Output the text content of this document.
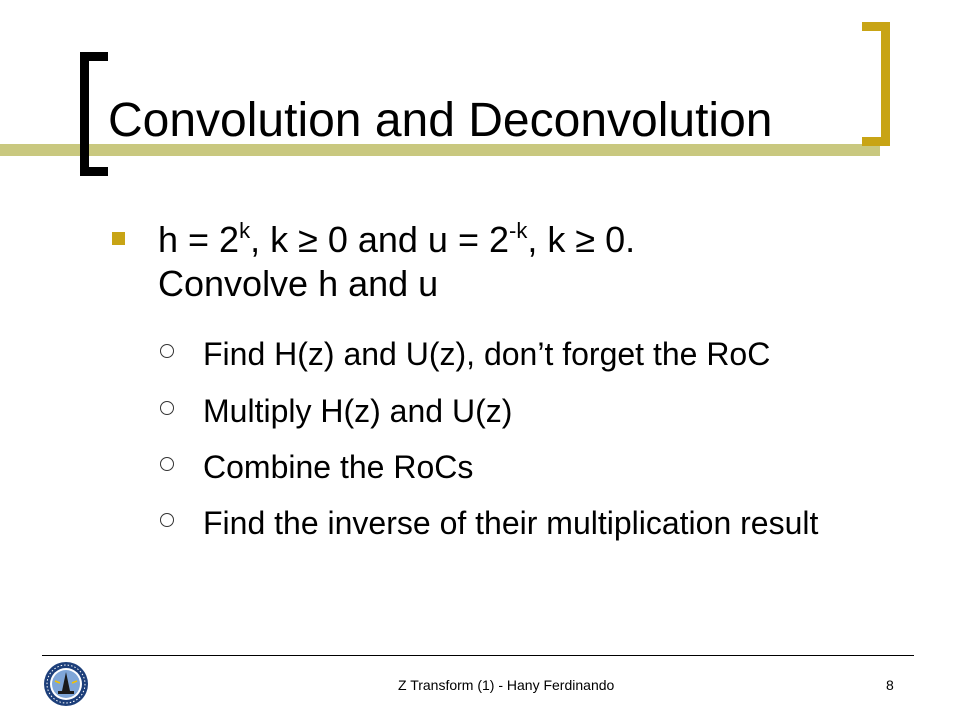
Convolution and Deconvolution
$h = 2^k$, k ≥ 0 and $u = 2^{-k}$, k ≥ 0.
Convolve h and u
Find H(z) and U(z), don’t forget the RoC
Multiply H(z) and U(z)
Combine the RoCs
Find the inverse of their multiplication result
Z Transform (1) - Hany Ferdinando	8
